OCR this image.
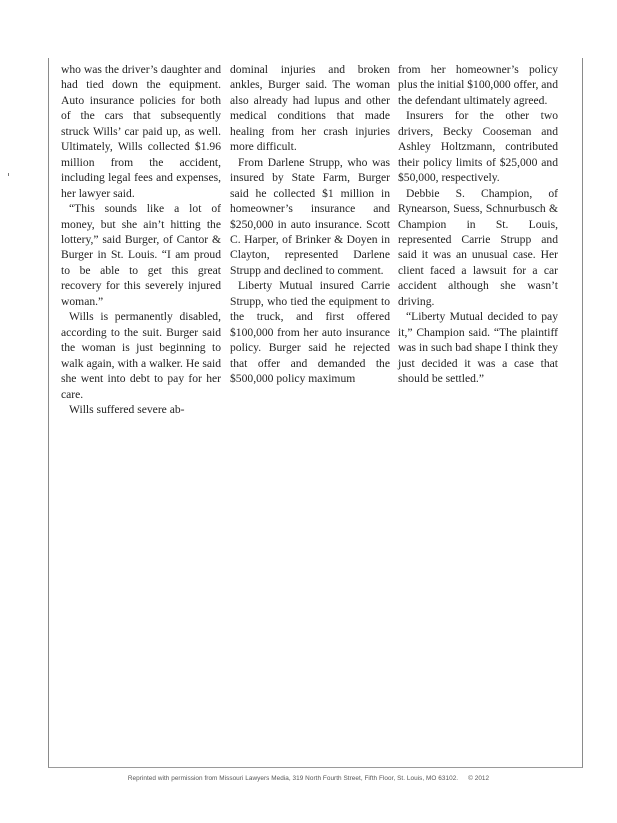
who was the driver’s daughter and had tied down the equipment. Auto insurance policies for both of the cars that subsequently struck Wills’ car paid up, as well. Ultimately, Wills collected $1.96 million from the accident, including legal fees and expenses, her lawyer said.

“This sounds like a lot of money, but she ain’t hitting the lottery,” said Burger, of Cantor & Burger in St. Louis. “I am proud to be able to get this great recovery for this severely injured woman.”

Wills is permanently disabled, according to the suit. Burger said the woman is just beginning to walk again, with a walker. He said she went into debt to pay for her care.

Wills suffered severe ab-

dominal injuries and broken ankles, Burger said. The woman also already had lupus and other medical conditions that made healing from her crash injuries more difficult.

From Darlene Strupp, who was insured by State Farm, Burger said he collected $1 million in homeowner’s insurance and $250,000 in auto insurance. Scott C. Harper, of Brinker & Doyen in Clayton, represented Darlene Strupp and declined to comment.

Liberty Mutual insured Carrie Strupp, who tied the equipment to the truck, and first offered $100,000 from her auto insurance policy. Burger said he rejected that offer and demanded the $500,000 policy maximum

from her homeowner’s policy plus the initial $100,000 offer, and the defendant ultimately agreed.

Insurers for the other two drivers, Becky Cooseman and Ashley Holtzmann, contributed their policy limits of $25,000 and $50,000, respectively.

Debbie S. Champion, of Rynearson, Suess, Schnurbusch & Champion in St. Louis, represented Carrie Strupp and said it was an unusual case. Her client faced a lawsuit for a car accident although she wasn’t driving.

“Liberty Mutual decided to pay it,” Champion said. “The plaintiff was in such bad shape I think they just decided it was a case that should be settled.”

Reprinted with permission from Missouri Lawyers Media, 319 North Fourth Street, Fifth Floor, St. Louis, MO 63102. © 2012
